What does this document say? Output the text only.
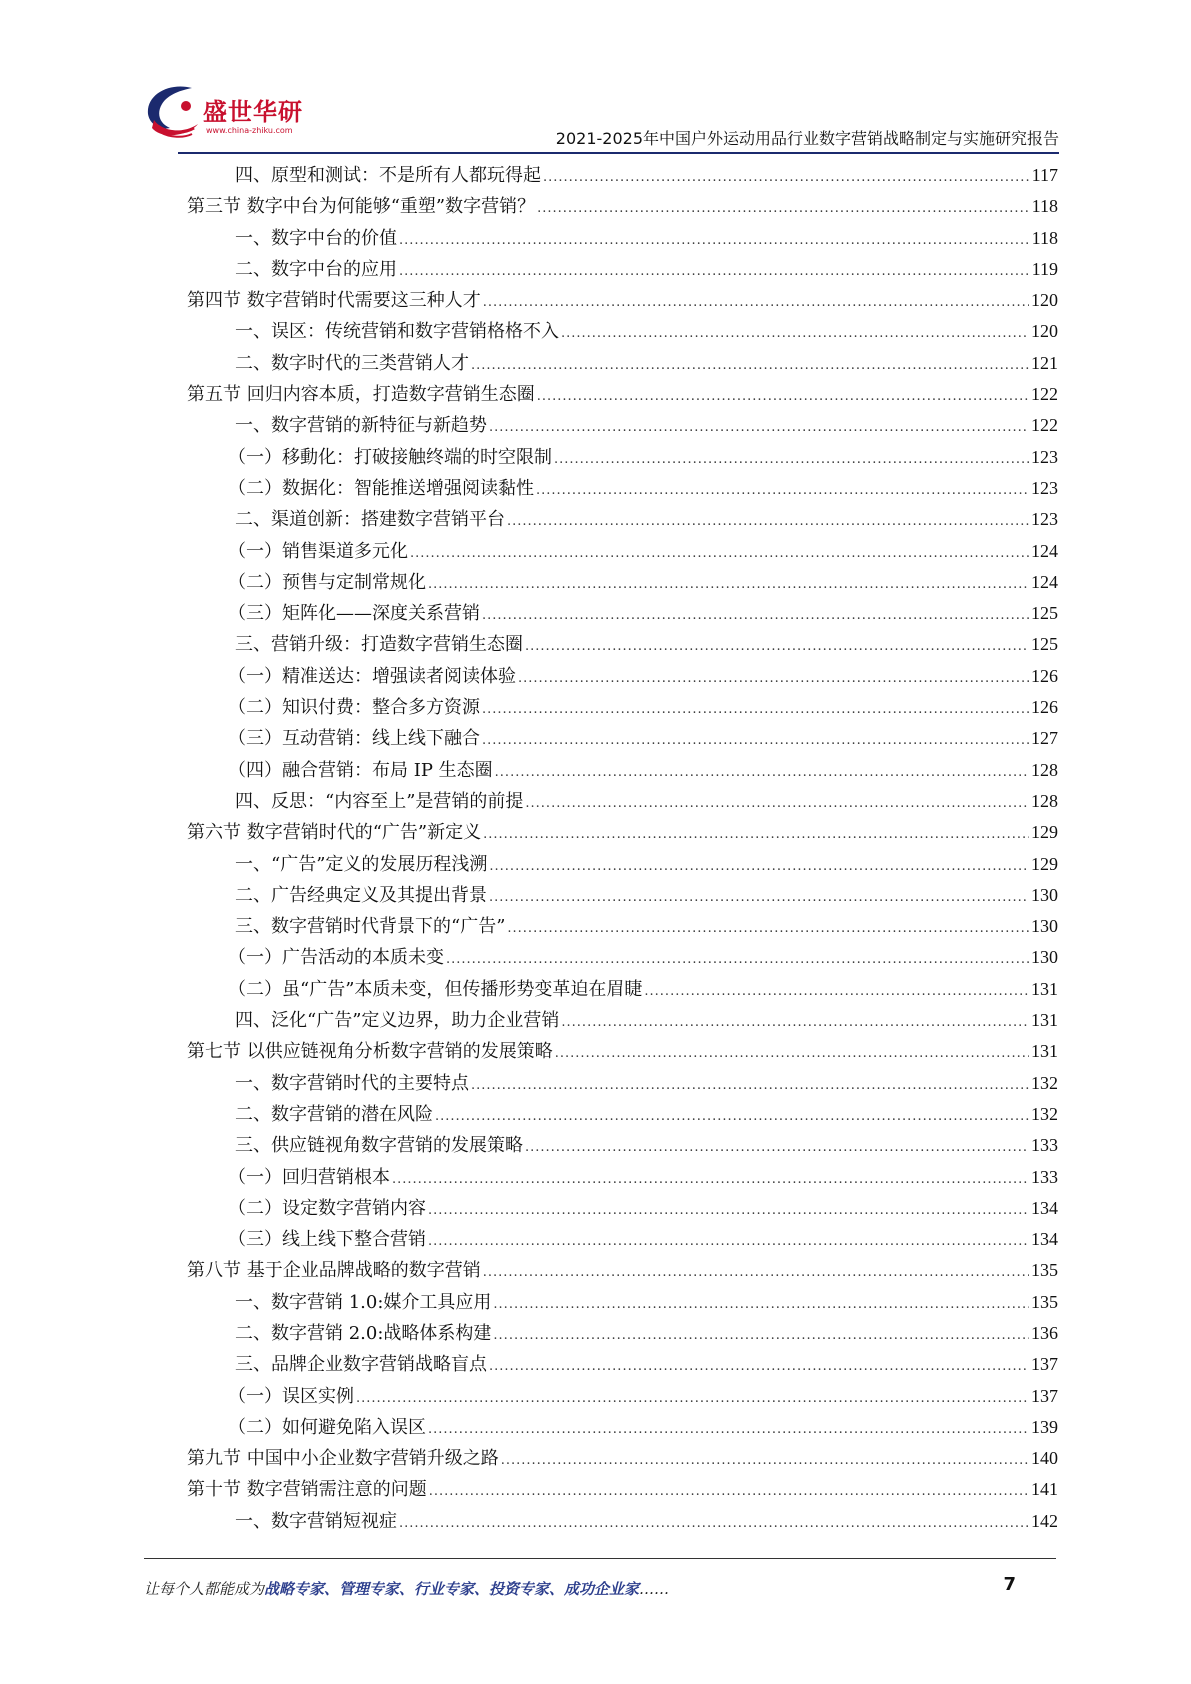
盛世华研
www.china-zhiku.com	2021-2025年中国户外运动用品行业数字营销战略制定与实施研究报告
四、原型和测试：不是所有人都玩得起 .....	117
第三节 数字中台为何能够“重塑”数字营销？ .....	118
一、数字中台的价值 .....	118
二、数字中台的应用 .....	119
第四节 数字营销时代需要这三种人才 .....	120
一、误区：传统营销和数字营销格格不入 .....	120
二、数字时代的三类营销人才 .....	121
第五节 回归内容本质，打造数字营销生态圈 .....	122
一、数字营销的新特征与新趋势 .....	122
（一）移動化：打破接触终端的时空限制 .....	123
（二）数据化：智能推送增强阅读黏性 .....	123
二、渠道创新：搭建数字营销平台 .....	123
（一）销售渠道多元化 .....	124
（二）预售与定制常规化 .....	124
（三）矩阵化——深度关系营销 .....	125
三、营销升级：打造数字营销生态圈 .....	125
（一）精准送达：增强读者阅读体验 .....	126
（二）知识付费：整合多方资源 .....	126
（三）互动营销：线上线下融合 .....	127
（四）融合营销：布局 IP 生态圈 .....	128
四、反思：“内容至上”是营销的前提 .....	128
第六节 数字营销时代的“广告”新定义 .....	129
一、“广告”定义的发展历程浅溯 .....	129
二、广告经典定义及其提出背景 .....	130
三、数字营销时代背景下的“广告” .....	130
（一）广告活动的本质未变 .....	130
（二）虽“广告”本质未变，但传播形势变革迫在眉睫 .....	131
四、泛化“广告”定义边界，助力企业营销 .....	131
第七节 以供应链视角分析数字营销的发展策略 .....	131
一、数字营销时代的主要特点 .....	132
二、数字营销的潜在风险 .....	132
三、供应链视角数字营销的发展策略 .....	133
（一）回归营销根本 .....	133
（二）设定数字营销内容 .....	134
（三）线上线下整合营销 .....	134
第八节 基于企业品牌战略的数字营销 .....	135
一、数字营销 1.0:媒介工具应用 .....	135
二、数字营销 2.0:战略体系构建 .....	136
三、品牌企业数字营销战略盲点 .....	137
（一）误区实例 .....	137
（二）如何避免陷入误区 .....	139
第九节 中国中小企业数字营销升级之路 .....	140
第十节 数字营销需注意的问题 .....	141
一、数字营销短视症 .....	142
让每个人都能成为战略专家、管理专家、行业专家、投资专家、成功企业家……	7
